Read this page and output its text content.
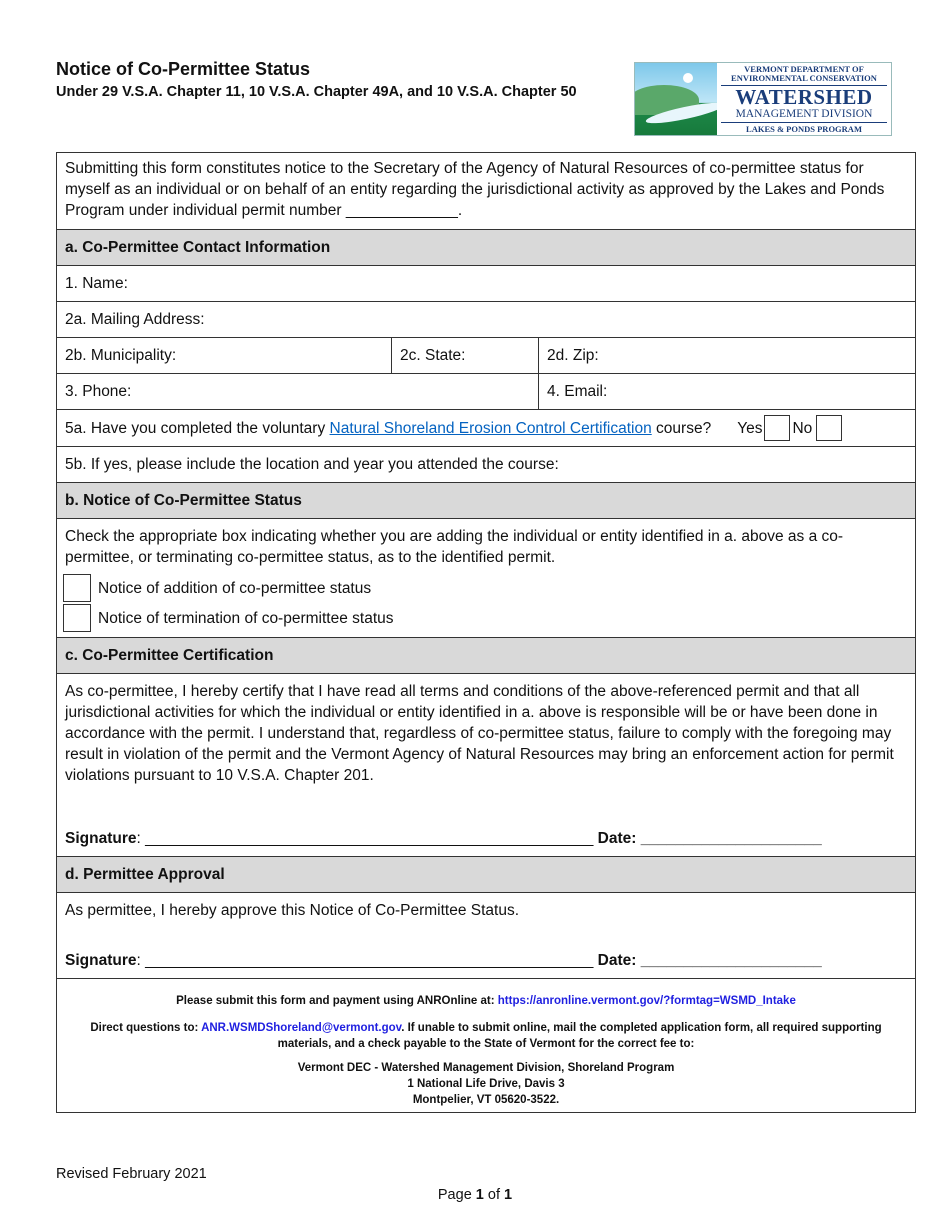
Notice of Co-Permittee Status
Under 29 V.S.A. Chapter 11, 10 V.S.A. Chapter 49A, and 10 V.S.A. Chapter 50
VERMONT DEPARTMENT OF
ENVIRONMENTAL CONSERVATION
WATERSHED
MANAGEMENT DIVISION
LAKES & PONDS PROGRAM
Submitting this form constitutes notice to the Secretary of the Agency of Natural Resources of co-permittee status for myself as an individual or on behalf of an entity regarding the jurisdictional activity as approved by the Lakes and Ponds Program under individual permit number _____________.
a. Co-Permittee Contact Information
1. Name:
2a. Mailing Address:
2b. Municipality:	2c. State:	2d. Zip:
3. Phone:	4. Email:
5a. Have you completed the voluntary Natural Shoreland Erosion Control Certification course? Yes No
5b. If yes, please include the location and year you attended the course:
b. Notice of Co-Permittee Status
Check the appropriate box indicating whether you are adding the individual or entity identified in a. above as a co-permittee, or terminating co-permittee status, as to the identified permit.
Notice of addition of co-permittee status
Notice of termination of co-permittee status
c. Co-Permittee Certification
As co-permittee, I hereby certify that I have read all terms and conditions of the above-referenced permit and that all jurisdictional activities for which the individual or entity identified in a. above is responsible will be or have been done in accordance with the permit. I understand that, regardless of co-permittee status, failure to comply with the foregoing may result in violation of the permit and the Vermont Agency of Natural Resources may bring an enforcement action for permit violations pursuant to 10 V.S.A. Chapter 201.
Signature: ____________________________________________________ Date: _____________________
d. Permittee Approval
As permittee, I hereby approve this Notice of Co-Permittee Status.
Signature: ____________________________________________________ Date: _____________________
Please submit this form and payment using ANROnline at: https://anronline.vermont.gov/?formtag=WSMD_Intake
Direct questions to: ANR.WSMDShoreland@vermont.gov. If unable to submit online, mail the completed application form, all required supporting materials, and a check payable to the State of Vermont for the correct fee to:
Vermont DEC - Watershed Management Division, Shoreland Program
1 National Life Drive, Davis 3
Montpelier, VT 05620-3522.
Revised February 2021
Page 1 of 1
